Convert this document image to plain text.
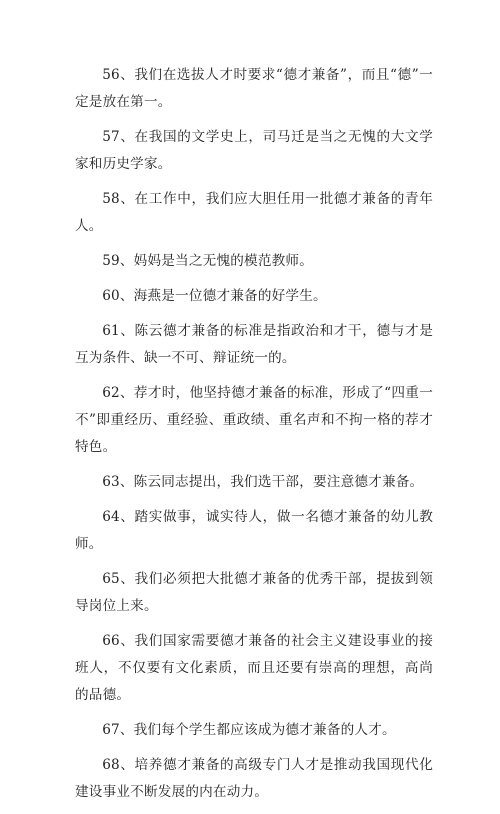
56、我们在选拔人才时要求“德才兼备”，而且“德”一定是放在第一。

57、在我国的文学史上，司马迁是当之无愧的大文学家和历史学家。

58、在工作中，我们应大胆任用一批德才兼备的青年人。

59、妈妈是当之无愧的模范教师。

60、海燕是一位德才兼备的好学生。

61、陈云德才兼备的标准是指政治和才干，德与才是互为条件、缺一不可、辩证统一的。

62、荐才时，他坚持德才兼备的标准，形成了“四重一不”即重经历、重经验、重政绩、重名声和不拘一格的荐才特色。

63、陈云同志提出，我们选干部，要注意德才兼备。

64、踏实做事，诚实待人，做一名德才兼备的幼儿教师。

65、我们必须把大批德才兼备的优秀干部，提拔到领导岗位上来。

66、我们国家需要德才兼备的社会主义建设事业的接班人，不仅要有文化素质，而且还要有崇高的理想，高尚的品德。

67、我们每个学生都应该成为德才兼备的人才。

68、培养德才兼备的高级专门人才是推动我国现代化建设事业不断发展的内在动力。
